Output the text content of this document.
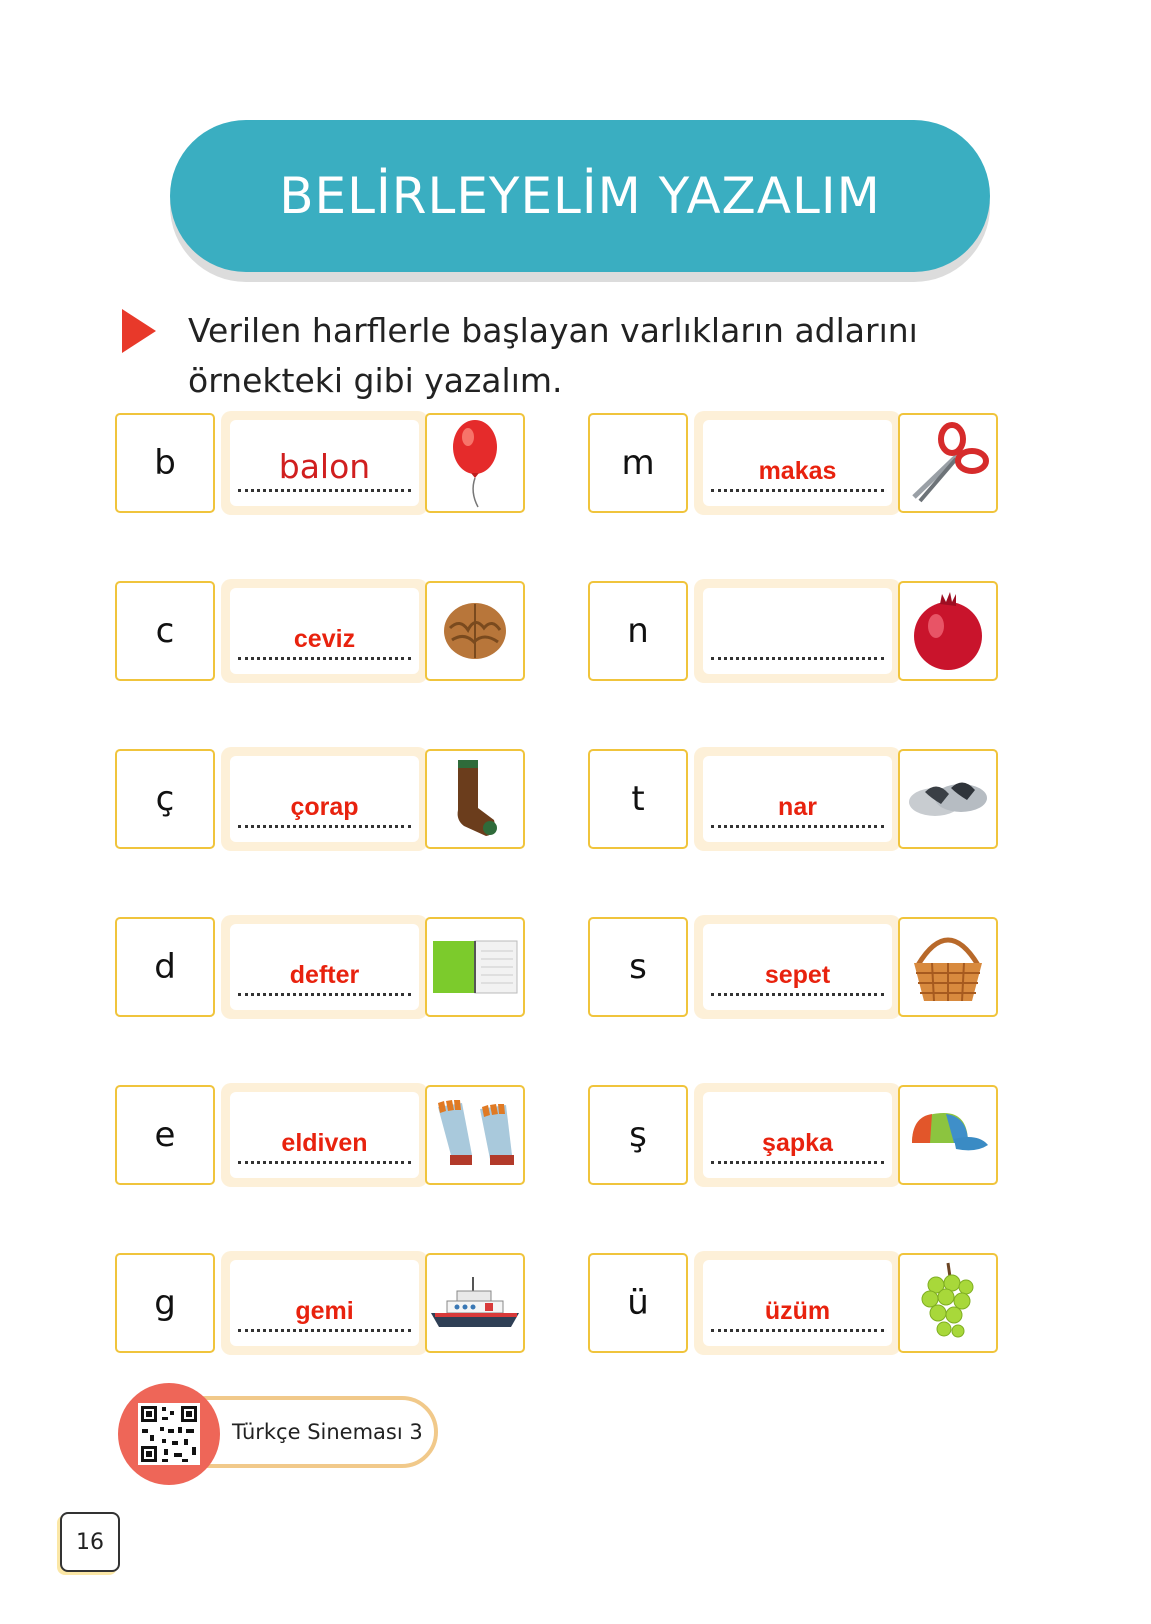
BELİRLEYELİM YAZALIM
Verilen harflerle başlayan varlıkların adlarını örnekteki gibi yazalım.
b	balon
c	ceviz
ç	çorap
d	defter
e	eldiven
g	gemi
m	makas
n
t	nar
s	sepet
ş	şapka
ü	üzüm
Türkçe Sineması 3
16
